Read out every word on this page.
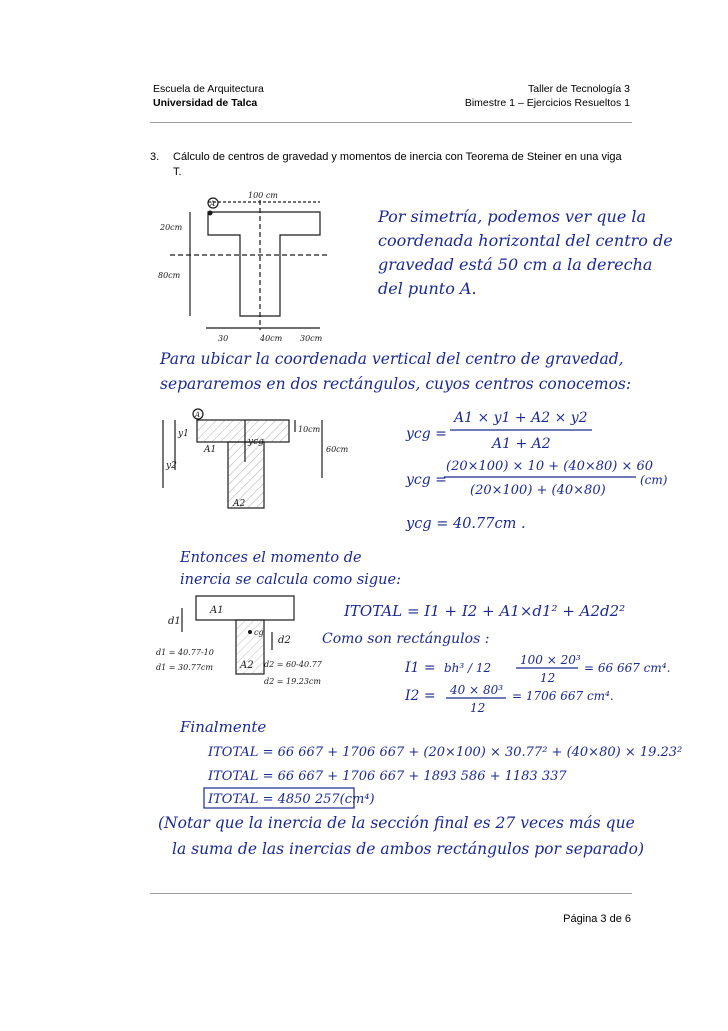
Escuela de Arquitectura
Universidad de Talca
Taller de Tecnología 3
Bimestre 1 – Ejercicios Resueltos 1
3. Cálculo de centros de gravedad y momentos de inercia con Teorema de Steiner en una viga T.
A
100 cm
20cm
80cm
30	40cm 30cm
Por simetría, podemos ver que la
coordenada horizontal del centro de
gravedad está 50 cm a la derecha
del punto A.
Para ubicar la coordenada vertical del centro de gravedad,
separaremos en dos rectángulos, cuyos centros conocemos:
A
y1
y2
ycg
A1
A2
10cm
60cm
ycg =
A1 × y1 + A2 × y2
A1 + A2
ycg =
(20×100) × 10 + (40×80) × 60
(20×100) + (40×80)
(cm)
ycg = 40.77cm .
Entonces el momento de
inercia se calcula como sigue:
A1
A2
cg
d1
d2
d1 = 40.77-10
d1 = 30.77cm	d2 = 60-40.77
d2 = 19.23cm
ITOTAL = I1 + I2 + A1×d1² + A2d2²
Como son rectángulos :
I1 = bh³ / 12
100 × 20³
12
= 66 667 cm⁴.
I2 = 40 × 80³
12
= 1706 667 cm⁴.
Finalmente
ITOTAL = 66 667 + 1706 667 + (20×100) × 30.77² + (40×80) × 19.23²
ITOTAL = 66 667 + 1706 667 + 1893 586 + 1183 337
ITOTAL = 4850 257(cm⁴)
(Notar que la inercia de la sección final es 27 veces más que
la suma de las inercias de ambos rectángulos por separado)
Página 3 de 6
